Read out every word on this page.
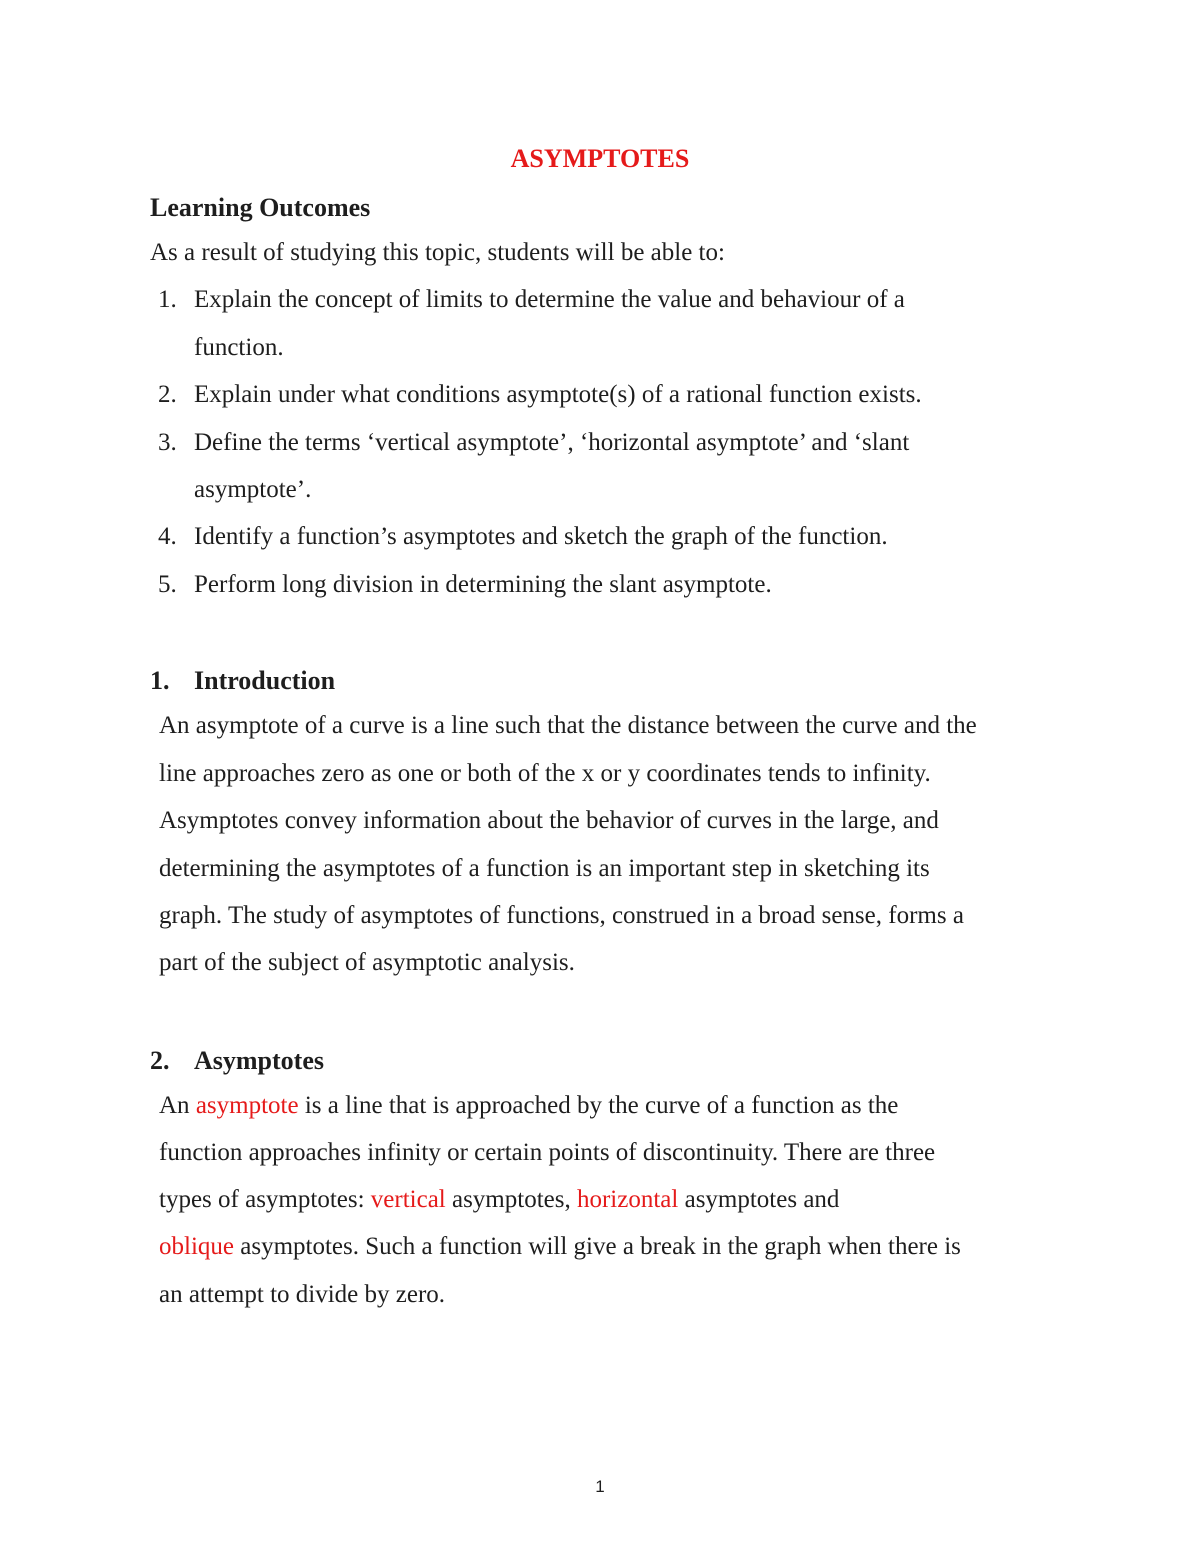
ASYMPTOTES
Learning Outcomes
As a result of studying this topic, students will be able to:
1. Explain the concept of limits to determine the value and behaviour of a
function.
2. Explain under what conditions asymptote(s) of a rational function exists.
3. Define the terms ‘vertical asymptote’, ‘horizontal asymptote’ and ‘slant
asymptote’.
4. Identify a function’s asymptotes and sketch the graph of the function.
5. Perform long division in determining the slant asymptote.
1. Introduction
An asymptote of a curve is a line such that the distance between the curve and the
line approaches zero as one or both of the x or y coordinates tends to infinity.
Asymptotes convey information about the behavior of curves in the large, and
determining the asymptotes of a function is an important step in sketching its
graph. The study of asymptotes of functions, construed in a broad sense, forms a
part of the subject of asymptotic analysis.
2. Asymptotes
An asymptote is a line that is approached by the curve of a function as the
function approaches infinity or certain points of discontinuity. There are three
types of asymptotes: vertical asymptotes, horizontal asymptotes and
oblique asymptotes. Such a function will give a break in the graph when there is
an attempt to divide by zero.
1
